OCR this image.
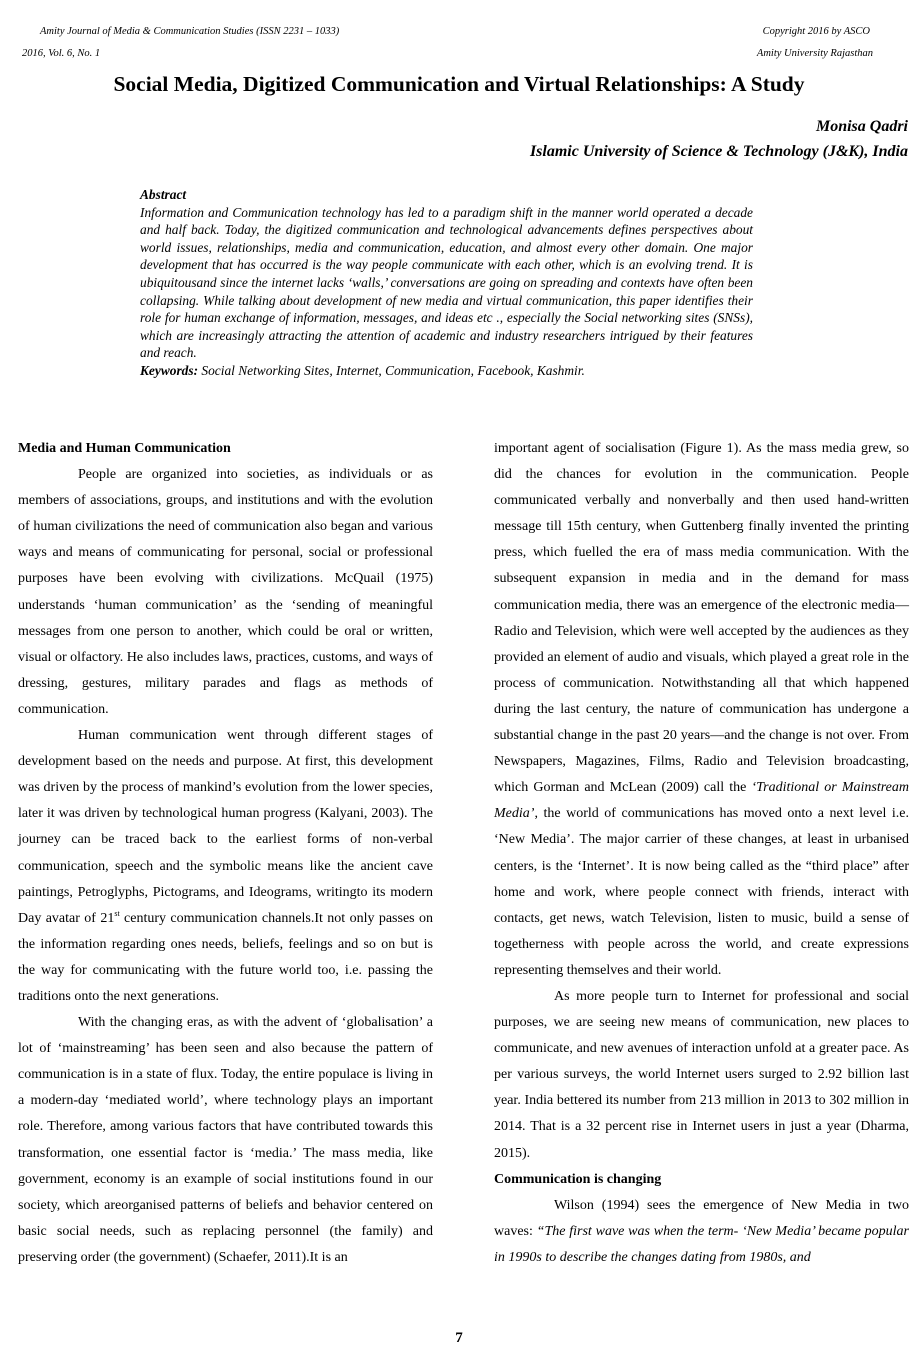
Amity Journal of Media & Communication Studies (ISSN 2231 – 1033)
2016, Vol. 6, No. 1
Copyright 2016 by ASCO
Amity University Rajasthan
Social Media, Digitized Communication and Virtual Relationships: A Study
Monisa Qadri
Islamic University of Science & Technology (J&K), India
Abstract
Information and Communication technology has led to a paradigm shift in the manner world operated a decade and half back. Today, the digitized communication and technological advancements defines perspectives about world issues, relationships, media and communication, education, and almost every other domain. One major development that has occurred is the way people communicate with each other, which is an evolving trend. It is ubiquitousand since the internet lacks ‘walls,’ conversations are going on spreading and contexts have often been collapsing. While talking about development of new media and virtual communication, this paper identifies their role for human exchange of information, messages, and ideas etc ., especially the Social networking sites (SNSs), which are increasingly attracting the attention of academic and industry researchers intrigued by their features and reach.
Keywords: Social Networking Sites, Internet, Communication, Facebook, Kashmir.
Media and Human Communication

People are organized into societies, as individuals or as members of associations, groups, and institutions and with the evolution of human civilizations the need of communication also began and various ways and means of communicating for personal, social or professional purposes have been evolving with civilizations. McQuail (1975) understands ‘human communication’ as the ‘sending of meaningful messages from one person to another, which could be oral or written, visual or olfactory. He also includes laws, practices, customs, and ways of dressing, gestures, military parades and flags as methods of communication.

Human communication went through different stages of development based on the needs and purpose. At first, this development was driven by the process of mankind’s evolution from the lower species, later it was driven by technological human progress (Kalyani, 2003). The journey can be traced back to the earliest forms of non-verbal communication, speech and the symbolic means like the ancient cave paintings, Petroglyphs, Pictograms, and Ideograms, writingto its modern Day avatar of 21st century communication channels.It not only passes on the information regarding ones needs, beliefs, feelings and so on but is the way for communicating with the future world too, i.e. passing the traditions onto the next generations.

With the changing eras, as with the advent of ‘globalisation’ a lot of ‘mainstreaming’ has been seen and also because the pattern of communication is in a state of flux. Today, the entire populace is living in a modern-day ‘mediated world’, where technology plays an important role. Therefore, among various factors that have contributed towards this transformation, one essential factor is ‘media.’ The mass media, like government, economy is an example of social institutions found in our society, which areorganised patterns of beliefs and behavior centered on basic social needs, such as replacing personnel (the family) and preserving order (the government) (Schaefer, 2011).It is an

important agent of socialisation (Figure 1). As the mass media grew, so did the chances for evolution in the communication. People communicated verbally and nonverbally and then used hand-written message till 15th century, when Guttenberg finally invented the printing press, which fuelled the era of mass media communication. With the subsequent expansion in media and in the demand for mass communication media, there was an emergence of the electronic media—Radio and Television, which were well accepted by the audiences as they provided an element of audio and visuals, which played a great role in the process of communication. Notwithstanding all that which happened during the last century, the nature of communication has undergone a substantial change in the past 20 years—and the change is not over. From Newspapers, Magazines, Films, Radio and Television broadcasting, which Gorman and McLean (2009) call the ‘Traditional or Mainstream Media’, the world of communications has moved onto a next level i.e. ‘New Media’. The major carrier of these changes, at least in urbanised centers, is the ‘Internet’. It is now being called as the “third place” after home and work, where people connect with friends, interact with contacts, get news, watch Television, listen to music, build a sense of togetherness with people across the world, and create expressions representing themselves and their world.

As more people turn to Internet for professional and social purposes, we are seeing new means of communication, new places to communicate, and new avenues of interaction unfold at a greater pace. As per various surveys, the world Internet users surged to 2.92 billion last year. India bettered its number from 213 million in 2013 to 302 million in 2014. That is a 32 percent rise in Internet users in just a year (Dharma, 2015).

Communication is changing

Wilson (1994) sees the emergence of New Media in two waves: “The first wave was when the term- ‘New Media’ became popular in 1990s to describe the changes dating from 1980s, and

7
